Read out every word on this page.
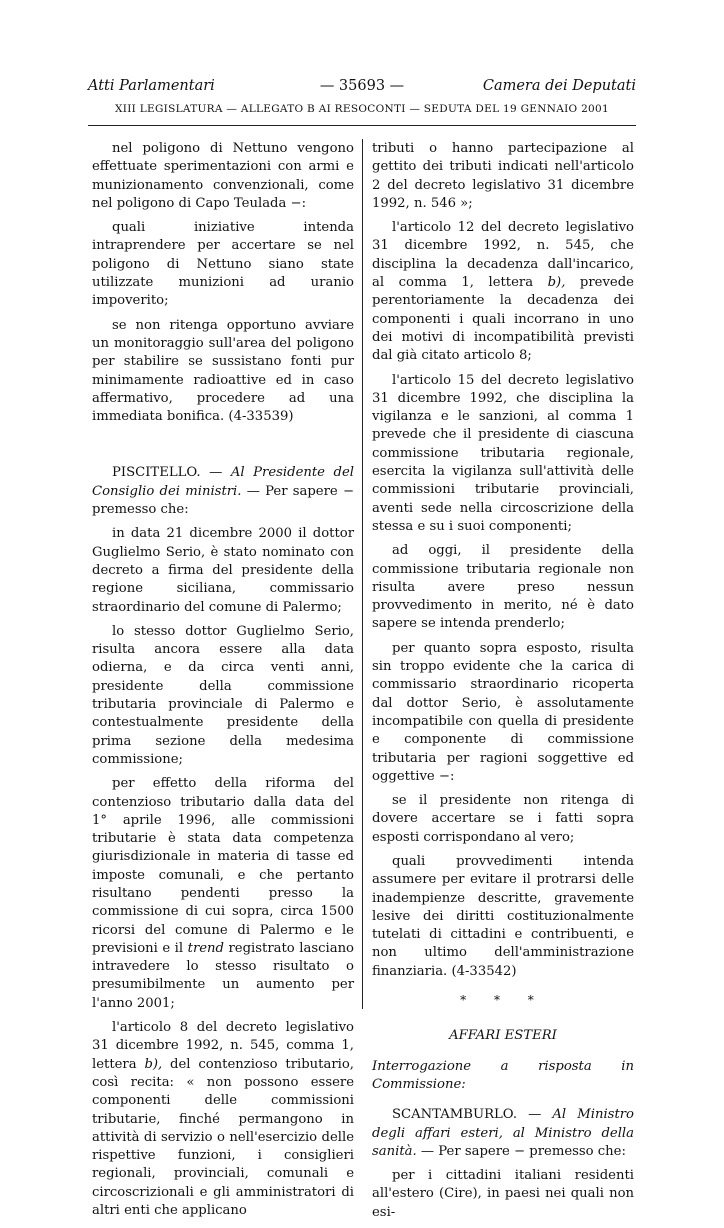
Atti Parlamentari	— 35693 —	Camera dei Deputati
XIII LEGISLATURA — ALLEGATO B AI RESOCONTI — SEDUTA DEL 19 GENNAIO 2001

nel poligono di Nettuno vengono effettuate sperimentazioni con armi e munizionamento convenzionali, come nel poligono di Capo Teulada −:

quali iniziative intenda intraprendere per accertare se nel poligono di Nettuno siano state utilizzate munizioni ad uranio impoverito;

se non ritenga opportuno avviare un monitoraggio sull'area del poligono per stabilire se sussistano fonti pur minimamente radioattive ed in caso affermativo, procedere ad una immediata bonifica. (4-33539)

PISCITELLO. — Al Presidente del Consiglio dei ministri. — Per sapere − premesso che:

in data 21 dicembre 2000 il dottor Guglielmo Serio, è stato nominato con decreto a firma del presidente della regione siciliana, commissario straordinario del comune di Palermo;

lo stesso dottor Guglielmo Serio, risulta ancora essere alla data odierna, e da circa venti anni, presidente della commissione tributaria provinciale di Palermo e contestualmente presidente della prima sezione della medesima commissione;

per effetto della riforma del contenzioso tributario dalla data del 1° aprile 1996, alle commissioni tributarie è stata data competenza giurisdizionale in materia di tasse ed imposte comunali, e che pertanto risultano pendenti presso la commissione di cui sopra, circa 1500 ricorsi del comune di Palermo e le previsioni e il trend registrato lasciano intravedere lo stesso risultato o presumibilmente un aumento per l'anno 2001;

l'articolo 8 del decreto legislativo 31 dicembre 1992, n. 545, comma 1, lettera b), del contenzioso tributario, così recita: « non possono essere componenti delle commissioni tributarie, finché permangono in attività di servizio o nell'esercizio delle rispettive funzioni, i consiglieri regionali, provinciali, comunali e circoscrizionali e gli amministratori di altri enti che applicano

tributi o hanno partecipazione al gettito dei tributi indicati nell'articolo 2 del decreto legislativo 31 dicembre 1992, n. 546 »;

l'articolo 12 del decreto legislativo 31 dicembre 1992, n. 545, che disciplina la decadenza dall'incarico, al comma 1, lettera b), prevede perentoriamente la decadenza dei componenti i quali incorrano in uno dei motivi di incompatibilità previsti dal già citato articolo 8;

l'articolo 15 del decreto legislativo 31 dicembre 1992, che disciplina la vigilanza e le sanzioni, al comma 1 prevede che il presidente di ciascuna commissione tributaria regionale, esercita la vigilanza sull'attività delle commissioni tributarie provinciali, aventi sede nella circoscrizione della stessa e su i suoi componenti;

ad oggi, il presidente della commissione tributaria regionale non risulta avere preso nessun provvedimento in merito, né è dato sapere se intenda prenderlo;

per quanto sopra esposto, risulta sin troppo evidente che la carica di commissario straordinario ricoperta dal dottor Serio, è assolutamente incompatibile con quella di presidente e componente di commissione tributaria per ragioni soggettive ed oggettive −:

se il presidente non ritenga di dovere accertare se i fatti sopra esposti corrispondano al vero;

quali provvedimenti intenda assumere per evitare il protrarsi delle inadempienze descritte, gravemente lesive dei diritti costituzionalmente tutelati di cittadini e contribuenti, e non ultimo dell'amministrazione finanziaria. (4-33542)

* * *
AFFARI ESTERI

Interrogazione a risposta in Commissione:

SCANTAMBURLO. — Al Ministro degli affari esteri, al Ministro della sanità. — Per sapere − premesso che:

per i cittadini italiani residenti all'estero (Cire), in paesi nei quali non esi-
